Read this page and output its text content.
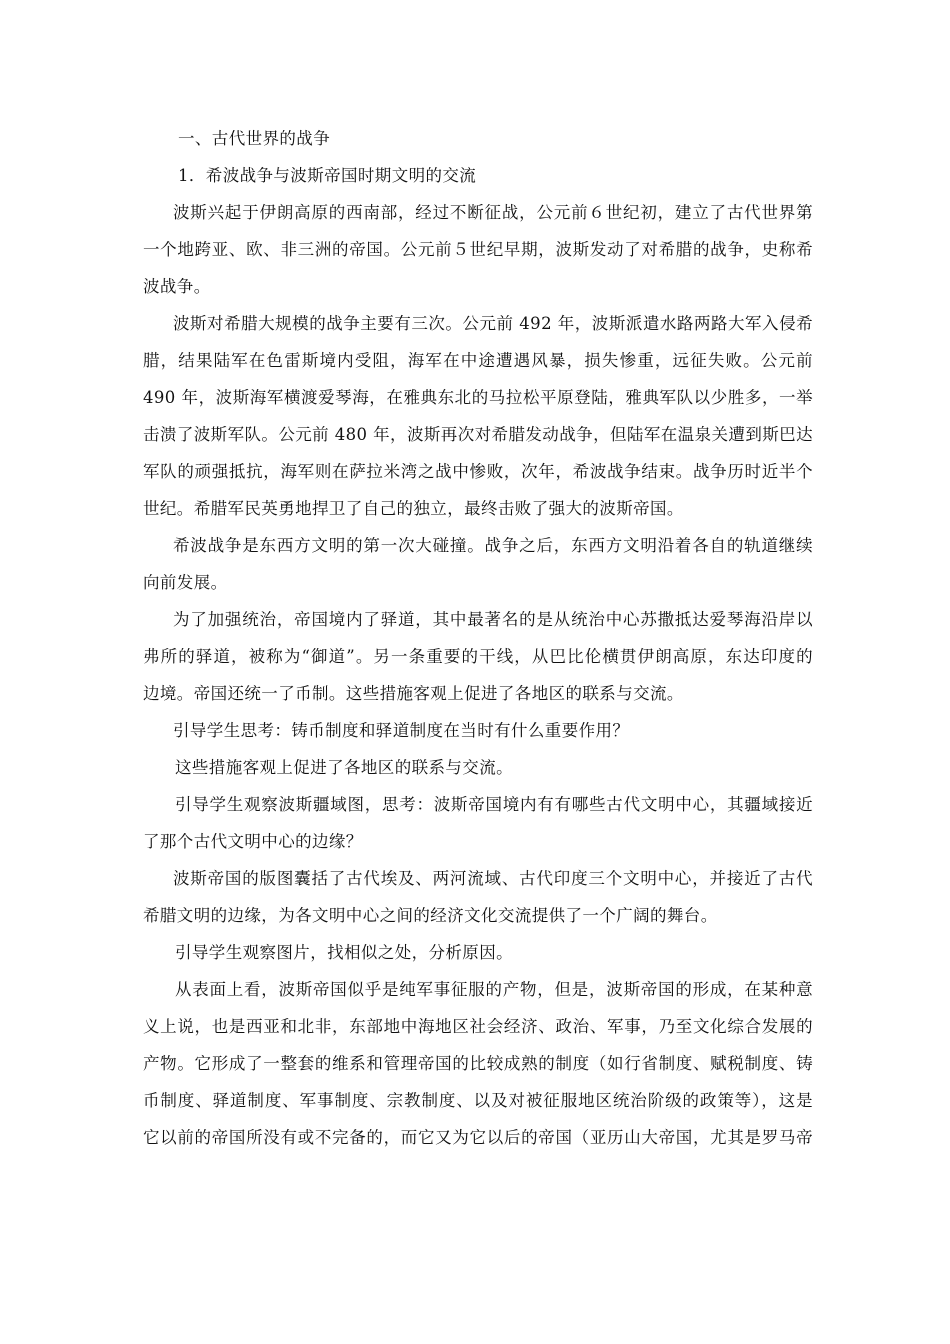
一、古代世界的战争
1．希波战争与波斯帝国时期文明的交流
波斯兴起于伊朗高原的西南部，经过不断征战，公元前６世纪初，建立了古代世界第
一个地跨亚、欧、非三洲的帝国。公元前５世纪早期，波斯发动了对希腊的战争，史称希
波战争。
波斯对希腊大规模的战争主要有三次。公元前 492 年，波斯派遣水路两路大军入侵希
腊，结果陆军在色雷斯境内受阻，海军在中途遭遇风暴，损失惨重，远征失败。公元前
490 年，波斯海军横渡爱琴海，在雅典东北的马拉松平原登陆，雅典军队以少胜多，一举
击溃了波斯军队。公元前 480 年，波斯再次对希腊发动战争，但陆军在温泉关遭到斯巴达
军队的顽强抵抗，海军则在萨拉米湾之战中惨败，次年，希波战争结束。战争历时近半个
世纪。希腊军民英勇地捍卫了自己的独立，最终击败了强大的波斯帝国。
希波战争是东西方文明的第一次大碰撞。战争之后，东西方文明沿着各自的轨道继续
向前发展。
为了加强统治，帝国境内了驿道，其中最著名的是从统治中心苏撒抵达爱琴海沿岸以
弗所的驿道，被称为“御道”。另一条重要的干线，从巴比伦横贯伊朗高原，东达印度的
边境。帝国还统一了币制。这些措施客观上促进了各地区的联系与交流。
引导学生思考：铸币制度和驿道制度在当时有什么重要作用？
这些措施客观上促进了各地区的联系与交流。
引导学生观察波斯疆域图，思考：波斯帝国境内有有哪些古代文明中心，其疆域接近
了那个古代文明中心的边缘？
波斯帝国的版图囊括了古代埃及、两河流域、古代印度三个文明中心，并接近了古代
希腊文明的边缘，为各文明中心之间的经济文化交流提供了一个广阔的舞台。
引导学生观察图片，找相似之处，分析原因。
从表面上看，波斯帝国似乎是纯军事征服的产物，但是，波斯帝国的形成，在某种意
义上说，也是西亚和北非，东部地中海地区社会经济、政治、军事，乃至文化综合发展的
产物。它形成了一整套的维系和管理帝国的比较成熟的制度（如行省制度、赋税制度、铸
币制度、驿道制度、军事制度、宗教制度、以及对被征服地区统治阶级的政策等），这是
它以前的帝国所没有或不完备的，而它又为它以后的帝国（亚历山大帝国，尤其是罗马帝
